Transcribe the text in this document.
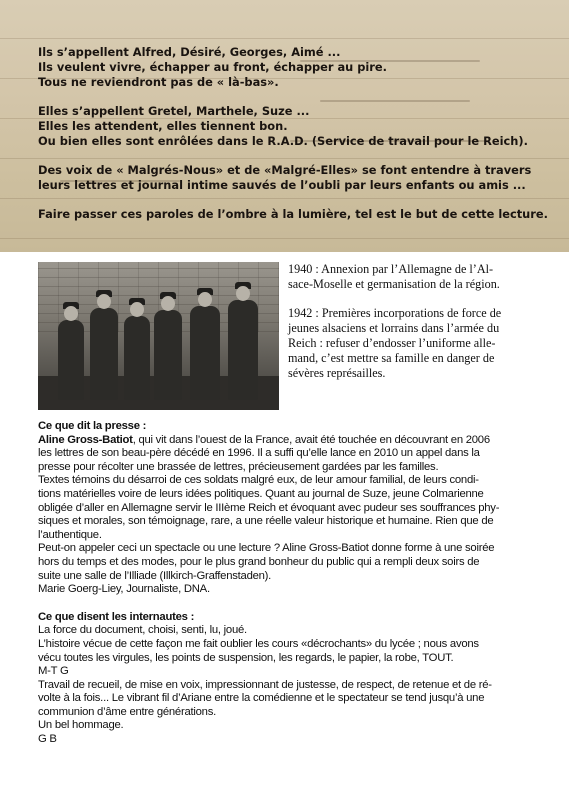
Ils s’appellent Alfred, Désiré, Georges, Aimé ...
Ils veulent vivre, échapper au front, échapper au pire.
Tous ne reviendront pas de « là-bas».

Elles s’appellent Gretel, Marthele, Suze ...
Elles les attendent, elles tiennent bon.
Ou bien elles sont enrôlées dans le R.A.D. (Service de travail pour le Reich).

Des voix de « Malgrés-Nous» et de «Malgré-Elles» se font entendre à travers
leurs lettres et journal intime sauvés de l’oubli par leurs enfants ou amis ...

Faire passer ces paroles de l’ombre à la lumière, tel est le but de cette lecture.

1940 : Annexion par l’Allemagne de l’Al-
sace-Moselle et germanisation de la région.

1942 : Premières incorporations de force de
jeunes alsaciens et lorrains dans l’armée du
Reich : refuser d’endosser l’uniforme alle-
mand, c’est mettre sa famille en danger de
sévères représailles.

Ce que dit la presse :
Aline Gross-Batiot, qui vit dans l’ouest de la France, avait été touchée en découvrant en 2006
les lettres de son beau-père décédé en 1996. Il a suffi qu’elle lance en 2010 un appel dans la
presse pour récolter une brassée de lettres, précieusement gardées par les familles.
Textes témoins du désarroi de ces soldats malgré eux, de leur amour familial, de leurs condi-
tions matérielles voire de leurs idées politiques. Quant au journal de Suze, jeune Colmarienne
obligée d’aller en Allemagne servir le IIIème Reich et évoquant avec pudeur ses souffrances phy-
siques et morales, son témoignage, rare, a une réelle valeur historique et humaine. Rien que de
l’authentique.
Peut-on appeler ceci un spectacle ou une lecture ? Aline Gross-Batiot donne forme à une soirée
hors du temps et des modes, pour le plus grand bonheur du public qui a rempli deux soirs de
suite une salle de l’Illiade (Illkirch-Graffenstaden).
Marie Goerg-Liey, Journaliste, DNA.
Ce que disent les internautes :
La force du document, choisi, senti, lu, joué.
L’histoire vécue de cette façon me fait oublier les cours «décrochants» du lycée ; nous avons
vécu toutes les virgules, les points de suspension, les regards, le papier, la robe, TOUT.
M-T G
Travail de recueil, de mise en voix, impressionnant de justesse, de respect, de retenue et de ré-
volte à la fois... Le vibrant fil d’Ariane entre la comédienne et le spectateur se tend jusqu’à une
communion d’âme entre générations.
Un bel hommage.
G B
